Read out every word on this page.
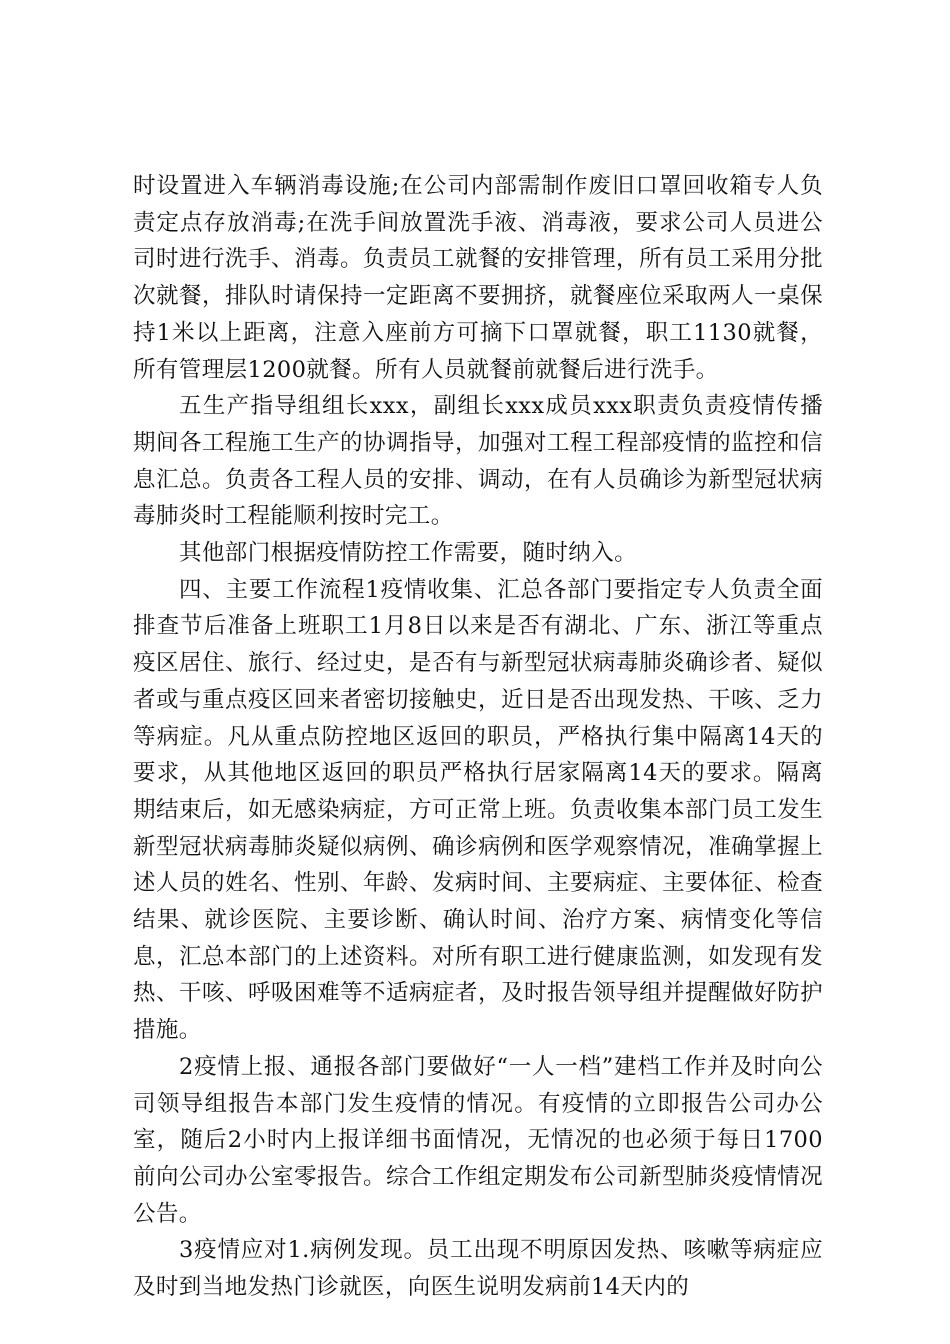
时设置进入车辆消毒设施;在公司内部需制作废旧口罩回收箱专人负责定点存放消毒;在洗手间放置洗手液、消毒液，要求公司人员进公司时进行洗手、消毒。负责员工就餐的安排管理，所有员工采用分批次就餐，排队时请保持一定距离不要拥挤，就餐座位采取两人一桌保持1米以上距离，注意入座前方可摘下口罩就餐，职工1130就餐，所有管理层1200就餐。所有人员就餐前就餐后进行洗手。

五生产指导组组长xxx，副组长xxx成员xxx职责负责疫情传播期间各工程施工生产的协调指导，加强对工程工程部疫情的监控和信息汇总。负责各工程人员的安排、调动，在有人员确诊为新型冠状病毒肺炎时工程能顺利按时完工。

其他部门根据疫情防控工作需要，随时纳入。

四、主要工作流程1疫情收集、汇总各部门要指定专人负责全面排查节后准备上班职工1月8日以来是否有湖北、广东、浙江等重点疫区居住、旅行、经过史，是否有与新型冠状病毒肺炎确诊者、疑似者或与重点疫区回来者密切接触史，近日是否出现发热、干咳、乏力等病症。凡从重点防控地区返回的职员，严格执行集中隔离14天的要求，从其他地区返回的职员严格执行居家隔离14天的要求。隔离期结束后，如无感染病症，方可正常上班。负责收集本部门员工发生新型冠状病毒肺炎疑似病例、确诊病例和医学观察情况，准确掌握上述人员的姓名、性别、年龄、发病时间、主要病症、主要体征、检查结果、就诊医院、主要诊断、确认时间、治疗方案、病情变化等信息，汇总本部门的上述资料。对所有职工进行健康监测，如发现有发热、干咳、呼吸困难等不适病症者，及时报告领导组并提醒做好防护措施。

2疫情上报、通报各部门要做好“一人一档”建档工作并及时向公司领导组报告本部门发生疫情的情况。有疫情的立即报告公司办公室，随后2小时内上报详细书面情况，无情况的也必须于每日1700前向公司办公室零报告。综合工作组定期发布公司新型肺炎疫情情况公告。

3疫情应对1.病例发现。员工出现不明原因发热、咳嗽等病症应及时到当地发热门诊就医，向医生说明发病前14天内的
